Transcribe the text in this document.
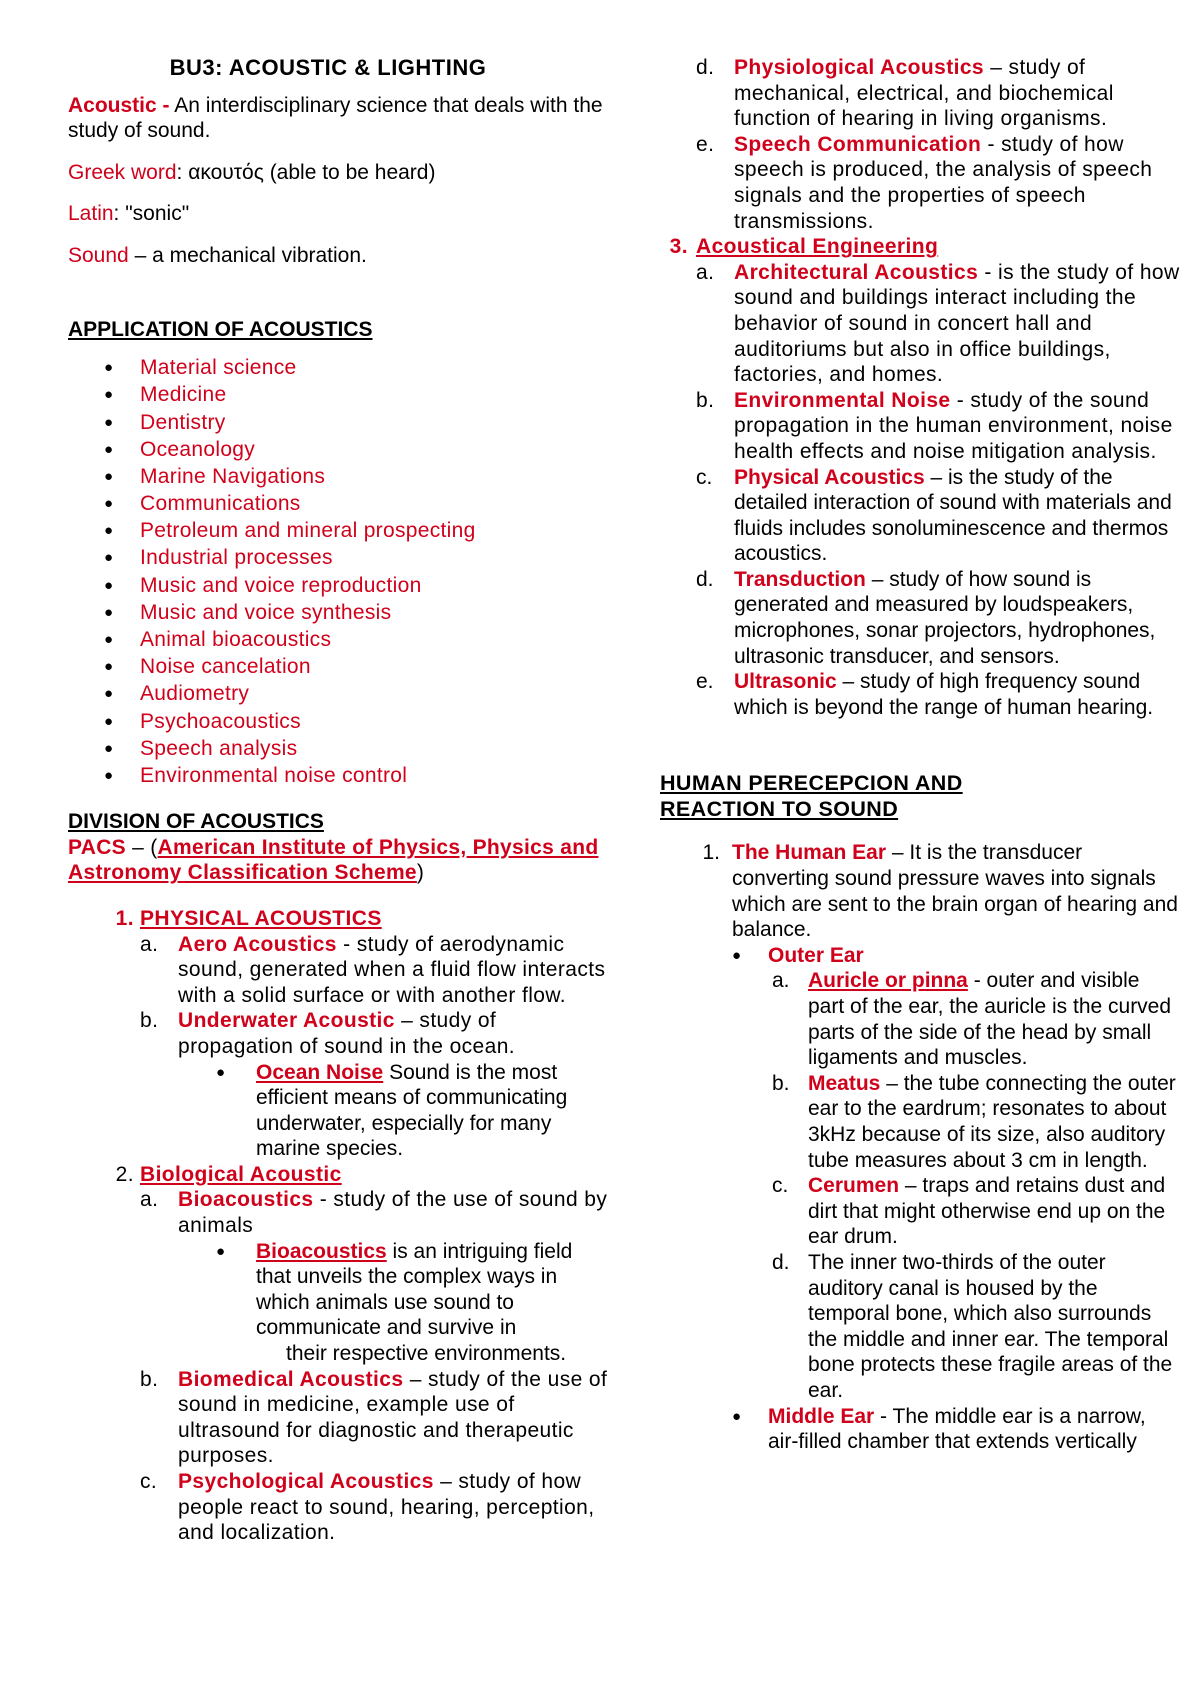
BU3: ACOUSTIC & LIGHTING

Acoustic - An interdisciplinary science that deals with the study of sound.

Greek word: ακουτός (able to be heard)

Latin: "sonic"

Sound – a mechanical vibration.

APPLICATION OF ACOUSTICS

● Material science
● Medicine
● Dentistry
● Oceanology
● Marine Navigations
● Communications
● Petroleum and mineral prospecting
● Industrial processes
● Music and voice reproduction
● Music and voice synthesis
● Animal bioacoustics
● Noise cancelation
● Audiometry
● Psychoacoustics
● Speech analysis
● Environmental noise control

DIVISION OF ACOUSTICS

PACS – (American Institute of Physics, Physics and Astronomy Classification Scheme)

1. PHYSICAL ACOUSTICS
a. Aero Acoustics - study of aerodynamic sound, generated when a fluid flow interacts with a solid surface or with another flow.
b. Underwater Acoustic – study of propagation of sound in the ocean.
● Ocean Noise Sound is the most efficient means of communicating underwater, especially for many marine species.
2. Biological Acoustic
a. Bioacoustics - study of the use of sound by animals
● Bioacoustics is an intriguing field that unveils the complex ways in which animals use sound to communicate and survive in
their respective environments.
b. Biomedical Acoustics – study of the use of sound in medicine, example use of ultrasound for diagnostic and therapeutic purposes.
c. Psychological Acoustics – study of how people react to sound, hearing, perception, and localization.
d. Physiological Acoustics – study of mechanical, electrical, and biochemical function of hearing in living organisms.
e. Speech Communication - study of how speech is produced, the analysis of speech signals and the properties of speech transmissions.
3. Acoustical Engineering
a. Architectural Acoustics - is the study of how sound and buildings interact including the behavior of sound in concert hall and auditoriums but also in office buildings, factories, and homes.
b. Environmental Noise - study of the sound propagation in the human environment, noise health effects and noise mitigation analysis.
c.	Physical Acoustics – is the study of the detailed interaction of sound with materials and fluids includes sonoluminescence and thermos acoustics.
d. Transduction – study of how sound is generated and measured by loudspeakers, microphones, sonar projectors, hydrophones, ultrasonic transducer, and sensors.
e. Ultrasonic – study of high frequency sound which is beyond the range of human hearing.

HUMAN PERECEPCION AND REACTION TO SOUND

1. The Human Ear – It is the transducer converting sound pressure waves into signals which are sent to the brain organ of hearing and balance.
● Outer Ear
a. Auricle or pinna - outer and visible part of the ear, the auricle is the curved parts of the side of the head by small ligaments and muscles.
b. Meatus – the tube connecting the outer ear to the eardrum; resonates to about 3kHz because of its size, also auditory tube measures about 3 cm in length.
c. Cerumen – traps and retains dust and dirt that might otherwise end up on the ear drum.
d. The inner two-thirds of the outer auditory canal is housed by the temporal bone, which also surrounds the middle and inner ear. The temporal bone protects these fragile areas of the ear.
● Middle Ear - The middle ear is a narrow, air-filled chamber that extends vertically
